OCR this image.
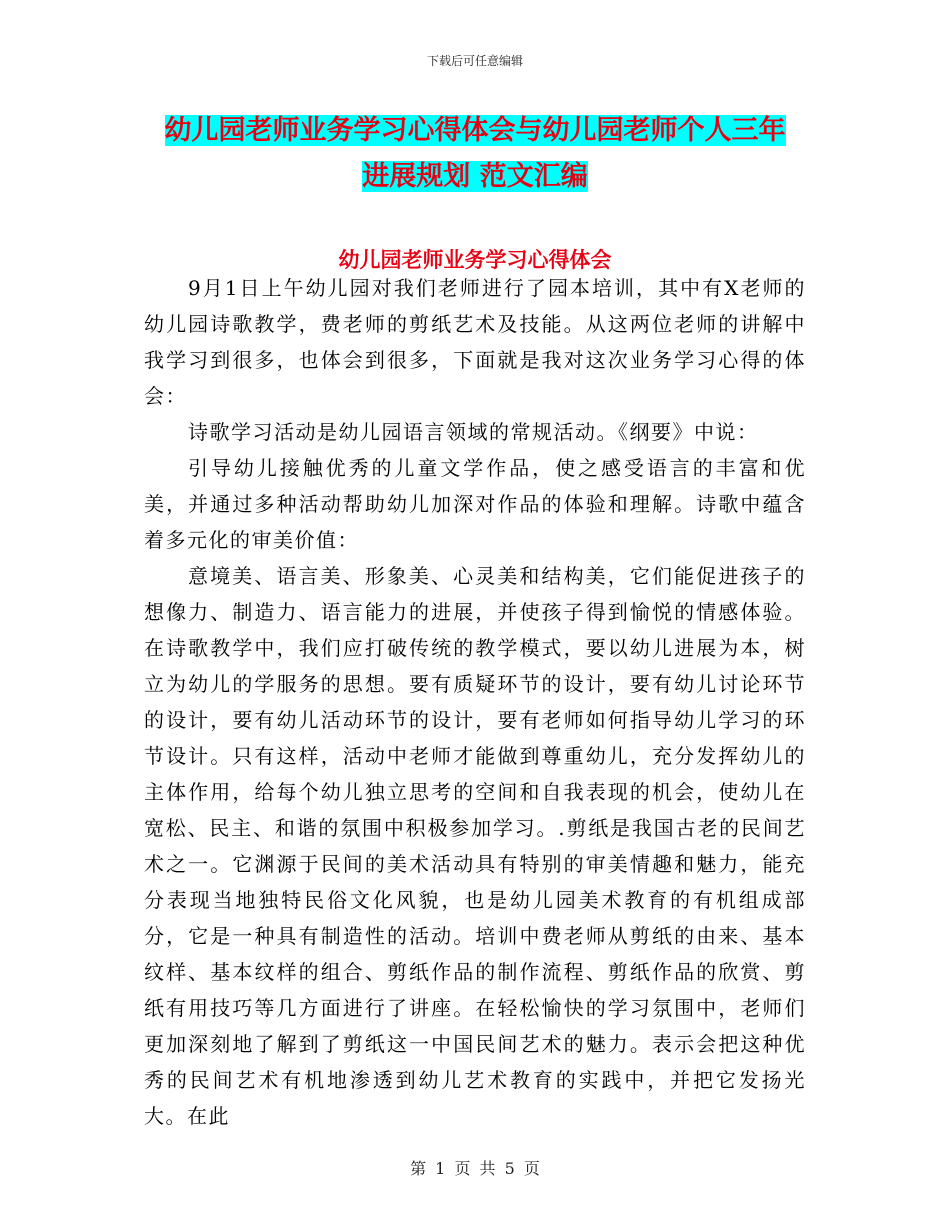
下载后可任意编辑
幼儿园老师业务学习心得体会与幼儿园老师个人三年
进展规划 范文汇编
幼儿园老师业务学习心得体会

9月1日上午幼儿园对我们老师进行了园本培训，其中有X老师的幼儿园诗歌教学，费老师的剪纸艺术及技能。从这两位老师的讲解中我学习到很多，也体会到很多，下面就是我对这次业务学习心得的体会：

诗歌学习活动是幼儿园语言领域的常规活动。《纲要》中说：

引导幼儿接触优秀的儿童文学作品，使之感受语言的丰富和优美，并通过多种活动帮助幼儿加深对作品的体验和理解。诗歌中蕴含着多元化的审美价值：

意境美、语言美、形象美、心灵美和结构美，它们能促进孩子的想像力、制造力、语言能力的进展，并使孩子得到愉悦的情感体验。在诗歌教学中，我们应打破传统的教学模式，要以幼儿进展为本，树立为幼儿的学服务的思想。要有质疑环节的设计，要有幼儿讨论环节的设计，要有幼儿活动环节的设计，要有老师如何指导幼儿学习的环节设计。只有这样，活动中老师才能做到尊重幼儿，充分发挥幼儿的主体作用，给每个幼儿独立思考的空间和自我表现的机会，使幼儿在宽松、民主、和谐的氛围中积极参加学习。.剪纸是我国古老的民间艺术之一。它渊源于民间的美术活动具有特别的审美情趣和魅力，能充分表现当地独特民俗文化风貌，也是幼儿园美术教育的有机组成部分，它是一种具有制造性的活动。培训中费老师从剪纸的由来、基本纹样、基本纹样的组合、剪纸作品的制作流程、剪纸作品的欣赏、剪纸有用技巧等几方面进行了讲座。在轻松愉快的学习氛围中，老师们更加深刻地了解到了剪纸这一中国民间艺术的魅力。表示会把这种优秀的民间艺术有机地渗透到幼儿艺术教育的实践中，并把它发扬光大。在此

第 1 页 共 5 页
